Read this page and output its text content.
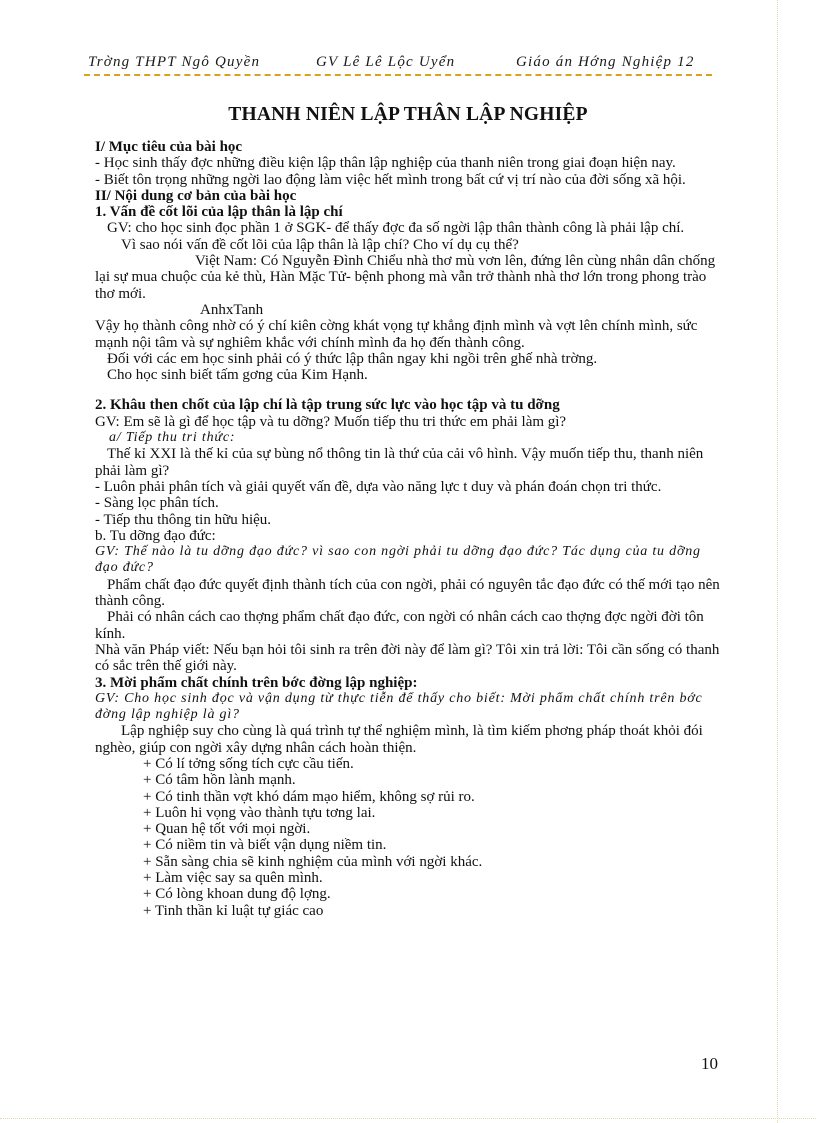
Trờng THPT Ngô Quyền	GV Lê Lê Lộc Uyển	Giáo án Hớng Nghiệp 12
THANH NIÊN LẬP THÂN LẬP NGHIỆP

I/ Mục tiêu của bài học

- Học sinh thấy đợc những điều kiện lập thân lập nghiệp của thanh niên trong giai đoạn hiện nay.

- Biết tôn trọng những ngời lao động làm việc hết mình trong bất cứ vị trí nào của đời sống xã hội.

II/ Nội dung cơ bản của bài học

1. Vấn đề cốt lõi của lập thân là lập chí

GV: cho học sinh đọc phần 1 ở SGK- để thấy đợc đa số ngời lập thân thành công là phải lập chí.

Vì sao nói vấn đề cốt lõi của lập thân là lập chí? Cho ví dụ cụ thể?

Việt Nam: Có Nguyễn Đình Chiểu nhà thơ mù vơn lên, đứng lên cùng nhân dân chống lại sự mua chuộc của kẻ thù, Hàn Mặc Tử- bệnh phong mà vẫn trở thành nhà thơ lớn trong phong trào thơ mới.

AnhxTanh

Vậy họ thành công nhờ có ý chí kiên cờng khát vọng tự khẳng định mình và vợt lên chính mình, sức mạnh nội tâm và sự nghiêm khắc với chính mình đa họ đến thành công.

Đối với các em học sinh phải có ý thức lập thân ngay khi ngồi trên ghế nhà trờng.

Cho học sinh biết tấm gơng của Kim Hạnh.

2. Khâu then chốt của lập chí là tập trung sức lực vào học tập và tu dỡng

GV: Em sẽ là gì để học tập và tu dỡng? Muốn tiếp thu tri thức em phải làm gì?

a/ Tiếp thu tri thức:

Thế kỉ XXI là thế kỉ của sự bùng nổ thông tin là thứ của cải vô hình. Vậy muốn tiếp thu, thanh niên phải làm gì?

- Luôn phải phân tích và giải quyết vấn đề, dựa vào năng lực t duy và phán đoán chọn tri thức.

- Sàng lọc phân tích.

- Tiếp thu thông tin hữu hiệu.

b. Tu dỡng đạo đức:

GV: Thế nào là tu dỡng đạo đức? vì sao con ngời phải tu dỡng đạo đức? Tác dụng của tu dỡng đạo đức?

Phẩm chất đạo đức quyết định thành tích của con ngời, phải có nguyên tắc đạo đức có thế mới tạo nên thành công.

Phải có nhân cách cao thợng phẩm chất đạo đức, con ngời có nhân cách cao thợng đợc ngời đời tôn kính.

Nhà văn Pháp viết: Nếu bạn hỏi tôi sinh ra trên đời này để làm gì? Tôi xin trả lời: Tôi cần sống có thanh có sắc trên thế giới này.

3. Mời phẩm chất chính trên bớc đờng lập nghiệp:

GV: Cho học sinh đọc và vận dụng từ thực tiễn để thấy cho biết: Mời phẩm chất chính trên bớc đờng lập nghiệp là gì?

Lập nghiệp suy cho cùng là quá trình tự thể nghiệm mình, là tìm kiếm phơng pháp thoát khỏi đói nghèo, giúp con ngời xây dựng nhân cách hoàn thiện.

+ Có lí tởng sống tích cực cầu tiến.

+ Có tâm hồn lành mạnh.

+ Có tinh thần vợt khó dám mạo hiểm, không sợ rủi ro.

+ Luôn hi vọng vào thành tựu tơng lai.

+ Quan hệ tốt với mọi ngời.

+ Có niềm tin và biết vận dụng niềm tin.

+ Sẵn sàng chia sẽ kinh nghiệm của mình với ngời khác.

+ Làm việc say sa quên mình.

+ Có lòng khoan dung độ lợng.

+ Tinh thần kỉ luật tự giác cao

10
